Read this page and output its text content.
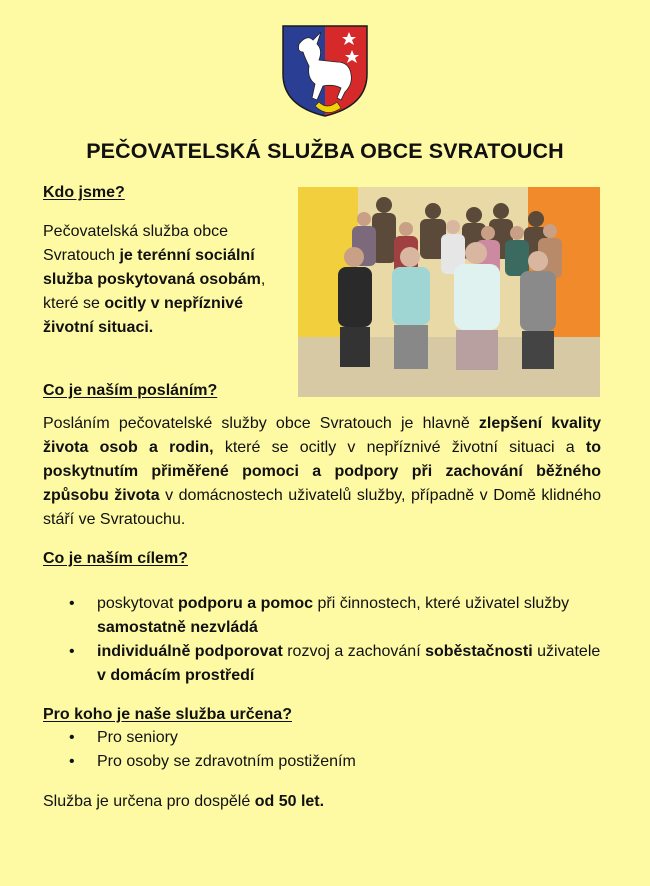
PEČOVATELSKÁ SLUŽBA OBCE SVRATOUCH
Kdo jsme?
Pečovatelská služba obce Svratouch je terénní sociální služba poskytovaná osobám, které se ocitly v nepříznivé životní situaci.
Co je naším posláním?
Posláním pečovatelské služby obce Svratouch je hlavně zlepšení kvality života osob a rodin, které se ocitly v nepříznivé životní situaci a to poskytnutím přiměřené pomoci a podpory při zachování běžného způsobu života v domácnostech uživatelů služby, případně v Domě klidného stáří ve Svratouchu.
Co je naším cílem?
• poskytovat podporu a pomoc při činnostech, které uživatel služby samostatně nezvládá
• individuálně podporovat rozvoj a zachování soběstačnosti uživatele v domácím prostředí
Pro koho je naše služba určena?
• Pro seniory
• Pro osoby se zdravotním postižením
Služba je určena pro dospělé od 50 let.
